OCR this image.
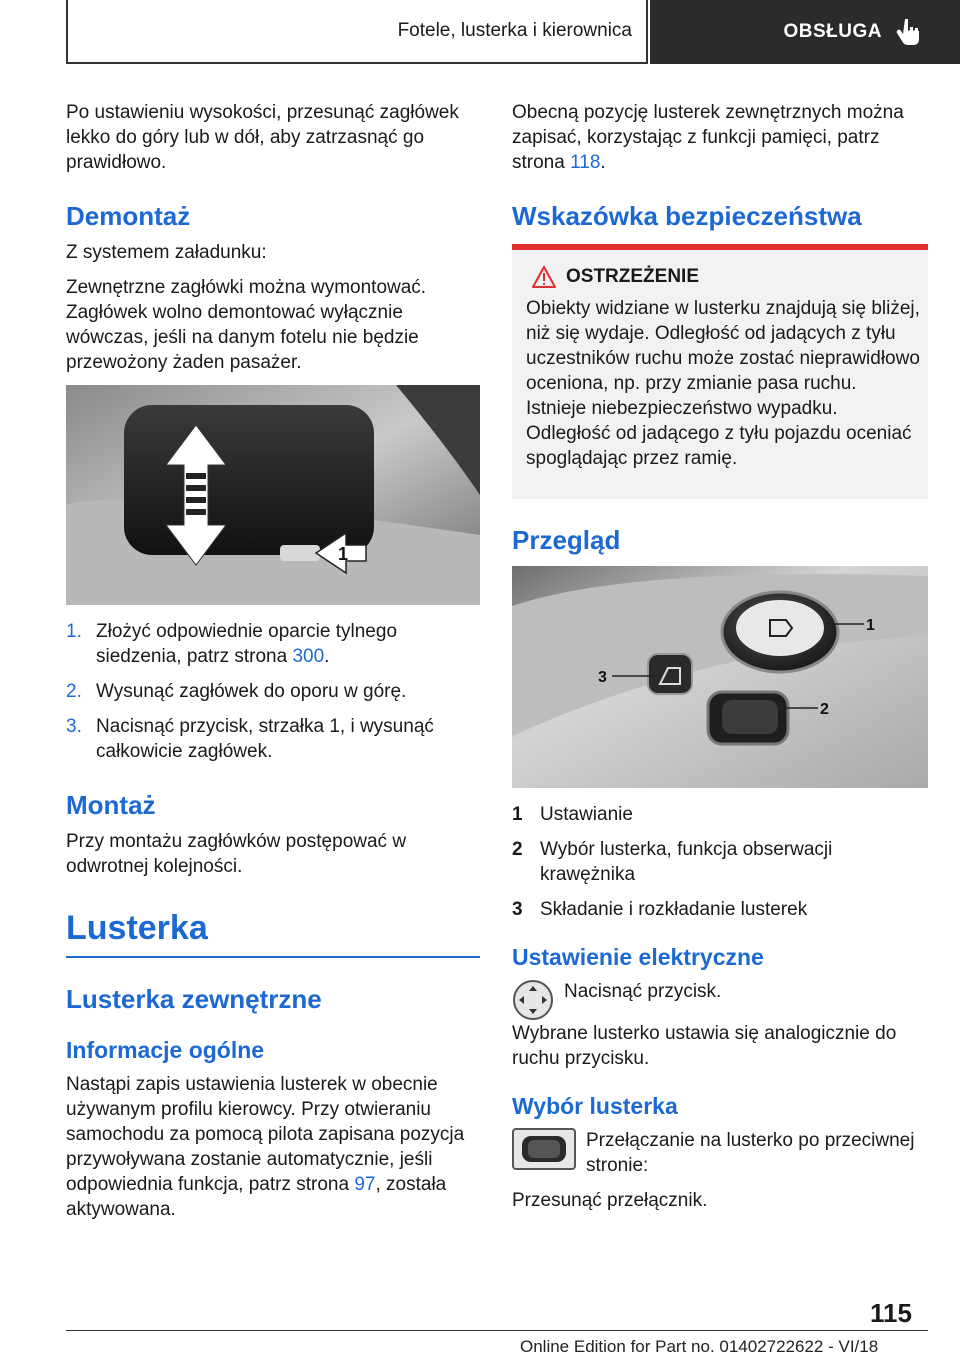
Fotele, lusterka i kierownica	OBSŁUGA

Po ustawieniu wysokości, przesunąć zagłówek lekko do góry lub w dół, aby zatrzasnąć go prawidłowo.

Demontaż

Z systemem załadunku:

Zewnętrzne zagłówki można wymontować. Zagłówek wolno demontować wyłącznie wówczas, jeśli na danym fotelu nie będzie przewożony żaden pasażer.

1
1. Złożyć odpowiednie oparcie tylnego siedzenia, patrz strona 300.
2. Wysunąć zagłówek do oporu w górę.
3. Nacisnąć przycisk, strzałka 1, i wysunąć całkowicie zagłówek.
Montaż

Przy montażu zagłówków postępować w odwrotnej kolejności.

Lusterka
Lusterka zewnętrzne
Informacje ogólne

Nastąpi zapis ustawienia lusterek w obecnie używanym profilu kierowcy. Przy otwieraniu samochodu za pomocą pilota zapisana pozycja przywoływana zostanie automatycznie, jeśli odpowiednia funkcja, patrz strona 97, została aktywowana.

Obecną pozycję lusterek zewnętrznych można zapisać, korzystając z funkcji pamięci, patrz strona 118.

Wskazówka bezpieczeństwa
OSTRZEŻENIE

Obiekty widziane w lusterku znajdują się bliżej, niż się wydaje. Odległość od jadących z tyłu uczestników ruchu może zostać nieprawidłowo oceniona, np. przy zmianie pasa ruchu. Istnieje niebezpieczeństwo wypadku. Odległość od jadącego z tyłu pojazdu oceniać spoglądając przez ramię.

Przegląd
1
2
3
1 Ustawianie
2 Wybór lusterka, funkcja obserwacji krawężnika
3 Składanie i rozkładanie lusterek
Ustawienie elektryczne

Nacisnąć przycisk.

Wybrane lusterko ustawia się analogicznie do ruchu przycisku.

Wybór lusterka

Przełączanie na lusterko po przeciwnej stronie:

Przesunąć przełącznik.

115
Online Edition for Part no. 01402722622 - VI/18
